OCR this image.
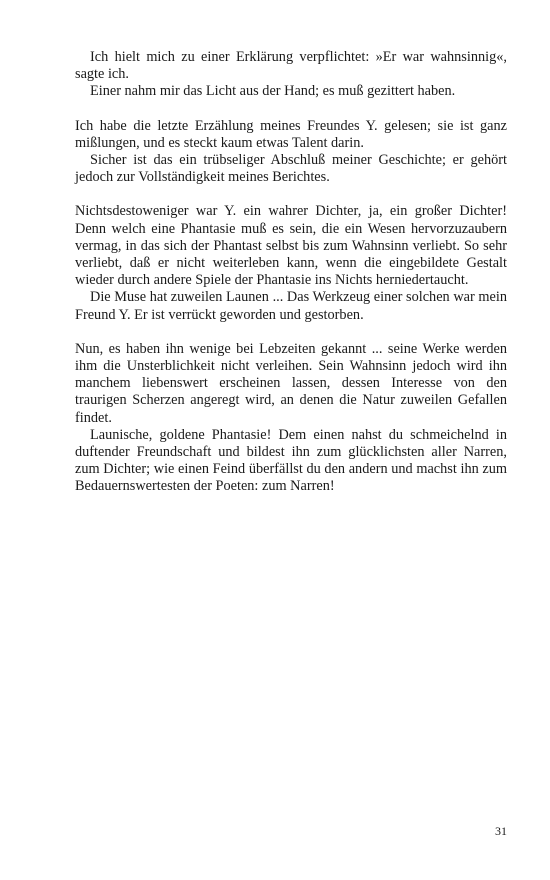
Ich hielt mich zu einer Erklärung verpflichtet: »Er war wahnsinnig«, sagte ich.

Einer nahm mir das Licht aus der Hand; es muß gezittert haben.

Ich habe die letzte Erzählung meines Freundes Y. gelesen; sie ist ganz mißlungen, und es steckt kaum etwas Talent darin.

Sicher ist das ein trübseliger Abschluß meiner Geschichte; er gehört jedoch zur Vollständigkeit meines Berichtes.

Nichtsdestoweniger war Y. ein wahrer Dichter, ja, ein großer Dichter! Denn welch eine Phantasie muß es sein, die ein Wesen hervorzuzaubern vermag, in das sich der Phantast selbst bis zum Wahnsinn verliebt. So sehr verliebt, daß er nicht weiterleben kann, wenn die eingebildete Gestalt wieder durch andere Spiele der Phantasie ins Nichts herniedertaucht.

Die Muse hat zuweilen Launen ... Das Werkzeug einer solchen war mein Freund Y. Er ist verrückt geworden und gestorben.

Nun, es haben ihn wenige bei Lebzeiten gekannt ... seine Werke werden ihm die Unsterblichkeit nicht verleihen. Sein Wahnsinn jedoch wird ihn manchem liebenswert erscheinen lassen, dessen Interesse von den traurigen Scherzen angeregt wird, an denen die Natur zuweilen Gefallen findet.

Launische, goldene Phantasie! Dem einen nahst du schmeichelnd in duftender Freundschaft und bildest ihn zum glücklichsten aller Narren, zum Dichter; wie einen Feind überfällst du den andern und machst ihn zum Bedauernswertesten der Poeten: zum Narren!

31
